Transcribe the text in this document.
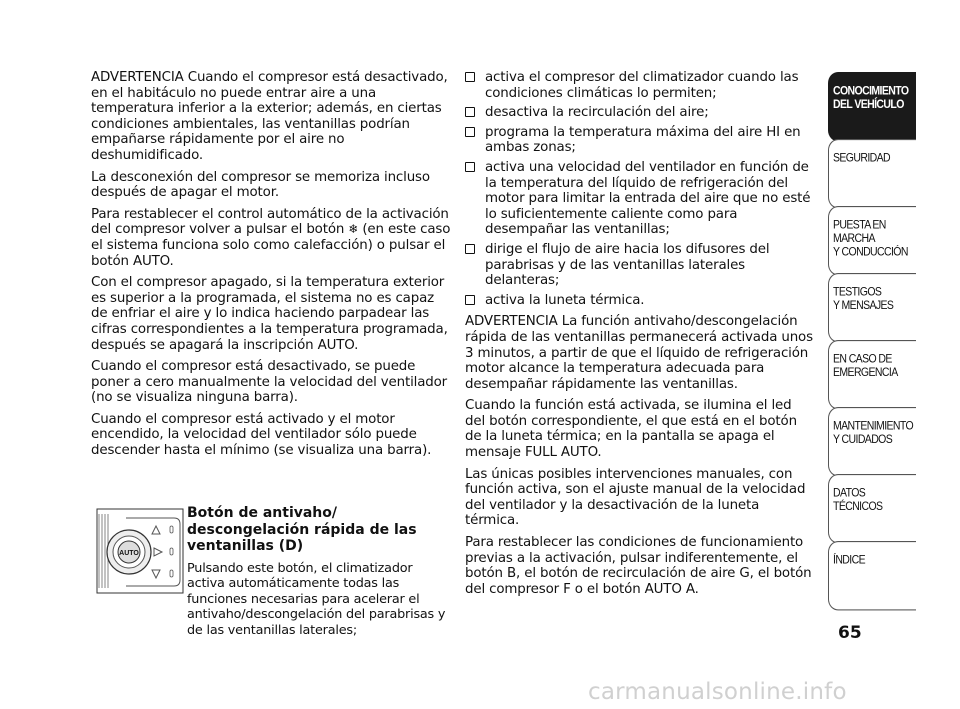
ADVERTENCIA Cuando el compresor está desactivado, en el habitáculo no puede entrar aire a una temperatura inferior a la exterior; además, en ciertas condiciones ambientales, las ventanillas podrían empañarse rápidamente por el aire no deshumidificado.

La desconexión del compresor se memoriza incluso después de apagar el motor.

Para restablecer el control automático de la activación del compresor volver a pulsar el botón ❄ (en este caso el sistema funciona solo como calefacción) o pulsar el botón AUTO.

Con el compresor apagado, si la temperatura exterior es superior a la programada, el sistema no es capaz de enfriar el aire y lo indica haciendo parpadear las cifras correspondientes a la temperatura programada, después se apagará la inscripción AUTO.

Cuando el compresor está desactivado, se puede poner a cero manualmente la velocidad del ventilador (no se visualiza ninguna barra).

Cuando el compresor está activado y el motor encendido, la velocidad del ventilador sólo puede descender hasta el mínimo (se visualiza una barra).

AUTO

Botón de antivaho/ descongelación rápida de las ventanillas (D)

Pulsando este botón, el climatizador activa automáticamente todas las funciones necesarias para acelerar el antivaho/descongelación del parabrisas y de las ventanillas laterales;

activa el compresor del climatizador cuando las condiciones climáticas lo permiten;
desactiva la recirculación del aire;
programa la temperatura máxima del aire HI en ambas zonas;
activa una velocidad del ventilador en función de la temperatura del líquido de refrigeración del motor para limitar la entrada del aire que no esté lo suficientemente caliente como para desempañar las ventanillas;
dirige el flujo de aire hacia los difusores del parabrisas y de las ventanillas laterales delanteras;
activa la luneta térmica.

ADVERTENCIA La función antivaho/descongelación rápida de las ventanillas permanecerá activada unos 3 minutos, a partir de que el líquido de refrigeración motor alcance la temperatura adecuada para desempañar rápidamente las ventanillas.

Cuando la función está activada, se ilumina el led del botón correspondiente, el que está en el botón de la luneta térmica; en la pantalla se apaga el mensaje FULL AUTO.

Las únicas posibles intervenciones manuales, con función activa, son el ajuste manual de la velocidad del ventilador y la desactivación de la luneta térmica.

Para restablecer las condiciones de funcionamiento previas a la activación, pulsar indiferentemente, el botón B, el botón de recirculación de aire G, el botón del compresor F o el botón AUTO A.

CONOCIMIENTO
DEL VEHÍCULO
SEGURIDAD
PUESTA EN
MARCHA
Y CONDUCCIÓN
TESTIGOS
Y MENSAJES
EN CASO DE
EMERGENCIA
MANTENIMIENTO
Y CUIDADOS
DATOS
TÉCNICOS
ÍNDICE
65
carmanualsonline.info
